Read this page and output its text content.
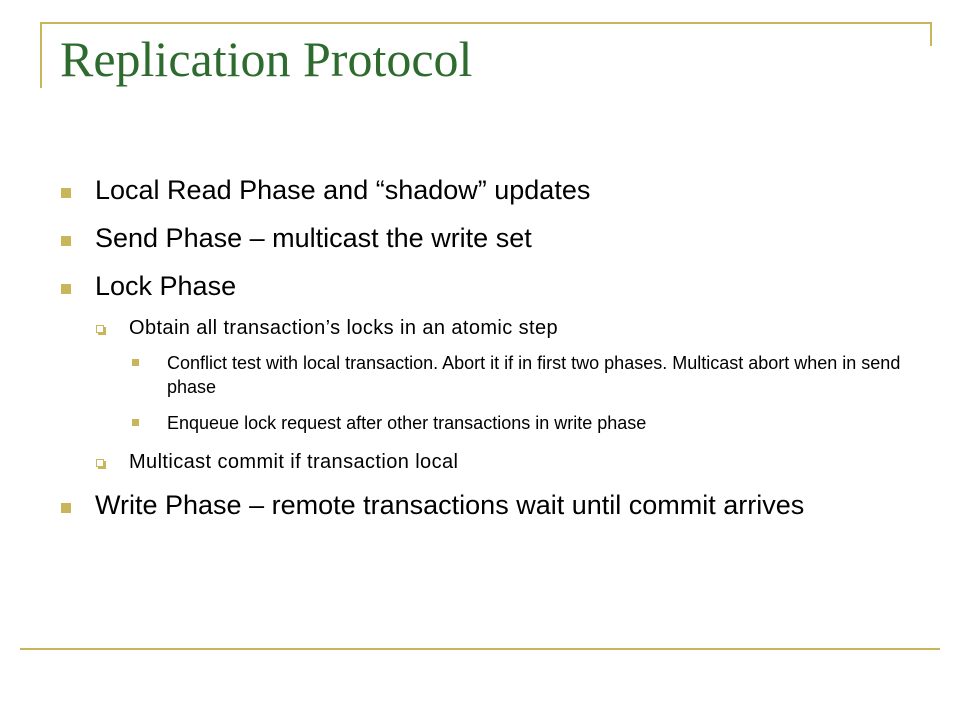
Replication Protocol
Local Read Phase and “shadow” updates
Send Phase – multicast the write set
Lock Phase
Obtain all transaction’s locks in an atomic step
Conflict test with local transaction. Abort it if in first two phases. Multicast abort when in send phase
Enqueue lock request after other transactions in write phase
Multicast commit if transaction local
Write Phase – remote transactions wait until commit arrives
